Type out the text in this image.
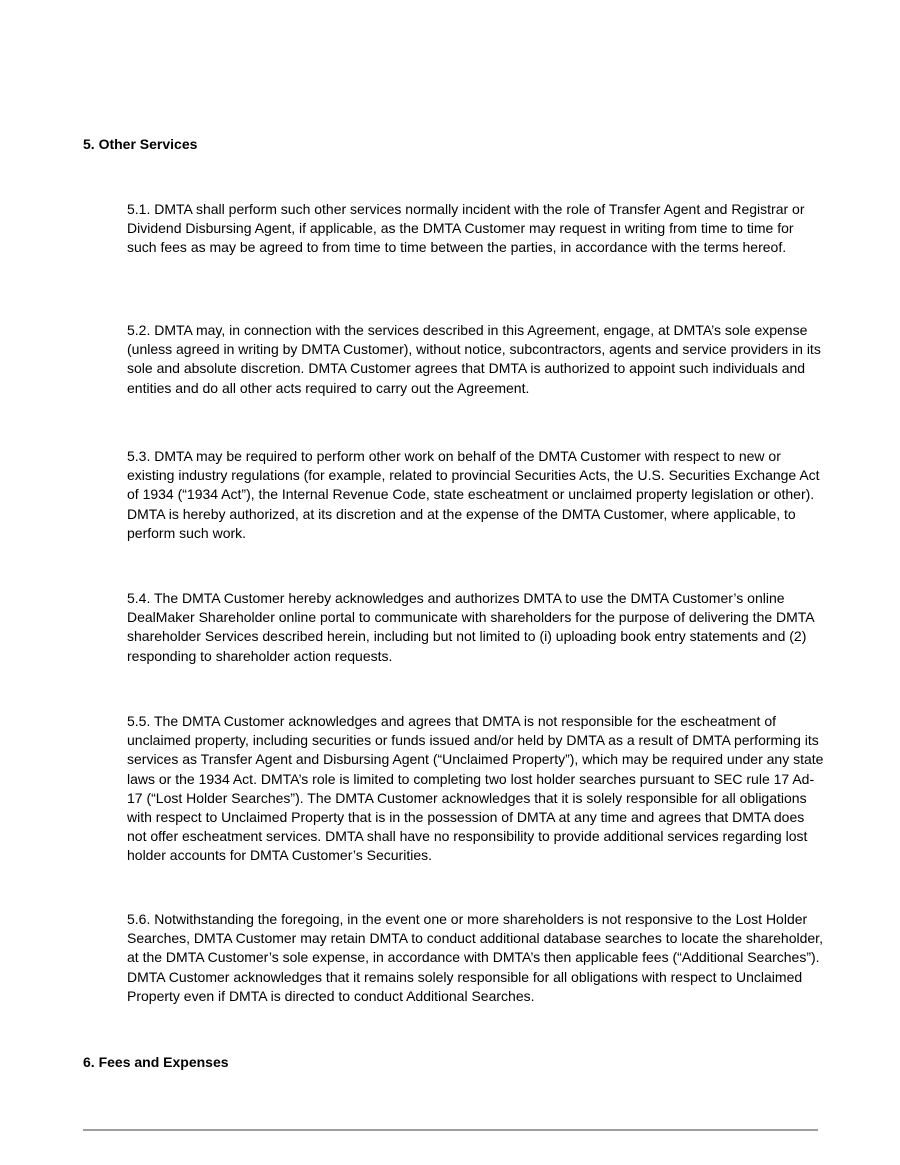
5. Other Services

5.1. DMTA shall perform such other services normally incident with the role of Transfer Agent and Registrar or Dividend Disbursing Agent, if applicable, as the DMTA Customer may request in writing from time to time for such fees as may be agreed to from time to time between the parties, in accordance with the terms hereof.

5.2. DMTA may, in connection with the services described in this Agreement, engage, at DMTA’s sole expense (unless agreed in writing by DMTA Customer), without notice, subcontractors, agents and service providers in its sole and absolute discretion. DMTA Customer agrees that DMTA is authorized to appoint such individuals and entities and do all other acts required to carry out the Agreement.

5.3. DMTA may be required to perform other work on behalf of the DMTA Customer with respect to new or existing industry regulations (for example, related to provincial Securities Acts, the U.S. Securities Exchange Act of 1934 (“1934 Act”), the Internal Revenue Code, state escheatment or unclaimed property legislation or other). DMTA is hereby authorized, at its discretion and at the expense of the DMTA Customer, where applicable, to perform such work.

5.4. The DMTA Customer hereby acknowledges and authorizes DMTA to use the DMTA Customer’s online DealMaker Shareholder online portal to communicate with shareholders for the purpose of delivering the DMTA shareholder Services described herein, including but not limited to (i) uploading book entry statements and (2) responding to shareholder action requests.

5.5. The DMTA Customer acknowledges and agrees that DMTA is not responsible for the escheatment of unclaimed property, including securities or funds issued and/or held by DMTA as a result of DMTA performing its services as Transfer Agent and Disbursing Agent (“Unclaimed Property”), which may be required under any state laws or the 1934 Act. DMTA’s role is limited to completing two lost holder searches pursuant to SEC rule 17 Ad-17 (“Lost Holder Searches”). The DMTA Customer acknowledges that it is solely responsible for all obligations with respect to Unclaimed Property that is in the possession of DMTA at any time and agrees that DMTA does not offer escheatment services. DMTA shall have no responsibility to provide additional services regarding lost holder accounts for DMTA Customer’s Securities.

5.6. Notwithstanding the foregoing, in the event one or more shareholders is not responsive to the Lost Holder Searches, DMTA Customer may retain DMTA to conduct additional database searches to locate the shareholder, at the DMTA Customer’s sole expense, in accordance with DMTA’s then applicable fees (“Additional Searches”). DMTA Customer acknowledges that it remains solely responsible for all obligations with respect to Unclaimed Property even if DMTA is directed to conduct Additional Searches.

6. Fees and Expenses
